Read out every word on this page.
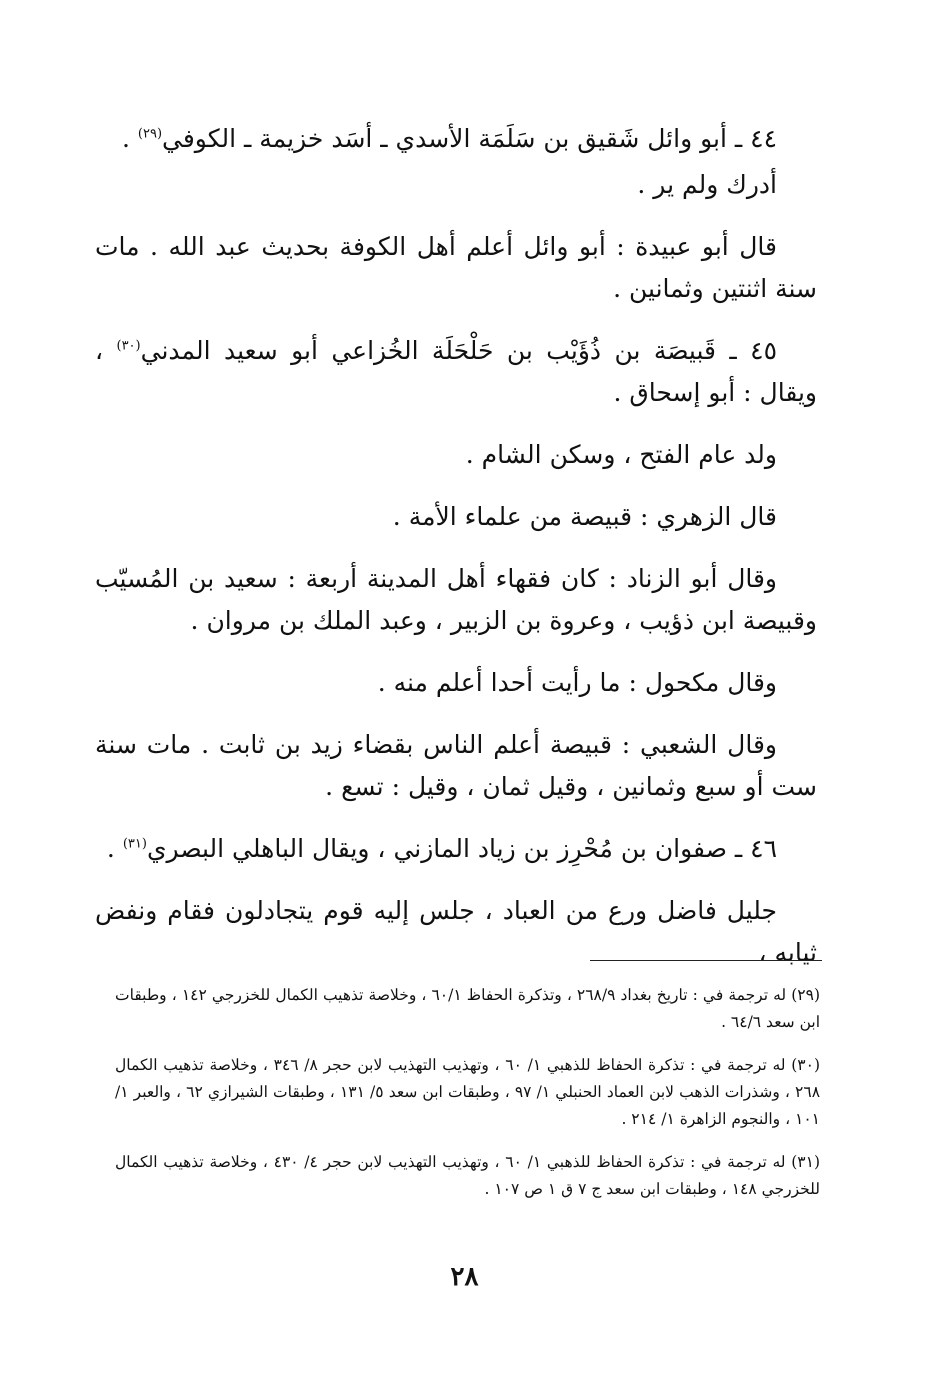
٤٤ ـ أبو وائل شَقيق بن سَلَمَة الأسدي ـ أسَد خزيمة ـ الكوفي$^{(٢٩)}$ .

أدرك ولم ير .

قال أبو عبيدة : أبو وائل أعلم أهل الكوفة بحديث عبد الله . مات سنة اثنتين وثمانين .

٤٥ ـ قَبيصَة بن ذُؤَيْب بن حَلْحَلَة الخُزاعي أبو سعيد المدني$^{(٣٠)}$ ، ويقال : أبو إسحاق .

ولد عام الفتح ، وسكن الشام .

قال الزهري : قبيصة من علماء الأمة .

وقال أبو الزناد : كان فقهاء أهل المدينة أربعة : سعيد بن المُسيّب وقبيصة ابن ذؤيب ، وعروة بن الزبير ، وعبد الملك بن مروان .

وقال مكحول : ما رأيت أحدا أعلم منه .

وقال الشعبي : قبيصة أعلم الناس بقضاء زيد بن ثابت . مات سنة ست أو سبع وثمانين ، وقيل ثمان ، وقيل : تسع .

٤٦ ـ صفوان بن مُحْرِز بن زياد المازني ، ويقال الباهلي البصري$^{(٣١)}$ .

جليل فاضل ورع من العباد ، جلس إليه قوم يتجادلون فقام ونفض ثيابه ،

(٢٩) له ترجمة في : تاريخ بغداد ٢٦٨/٩ ، وتذكرة الحفاظ ٦٠/١ ، وخلاصة تذهيب الكمال للخزرجي ١٤٢ ، وطبقات ابن سعد ٦٤/٦ .

(٣٠) له ترجمة في : تذكرة الحفاظ للذهبي ١/ ٦٠ ، وتهذيب التهذيب لابن حجر ٨/ ٣٤٦ ، وخلاصة تذهيب الكمال ٢٦٨ ، وشذرات الذهب لابن العماد الحنبلي ١/ ٩٧ ، وطبقات ابن سعد ٥/ ١٣١ ، وطبقات الشيرازي ٦٢ ، والعبر ١/ ١٠١ ، والنجوم الزاهرة ١/ ٢١٤ .

(٣١) له ترجمة في : تذكرة الحفاظ للذهبي ١/ ٦٠ ، وتهذيب التهذيب لابن حجر ٤/ ٤٣٠ ، وخلاصة تذهيب الكمال للخزرجي ١٤٨ ، وطبقات ابن سعد ج ٧ ق ١ ص ١٠٧ .

٢٨
